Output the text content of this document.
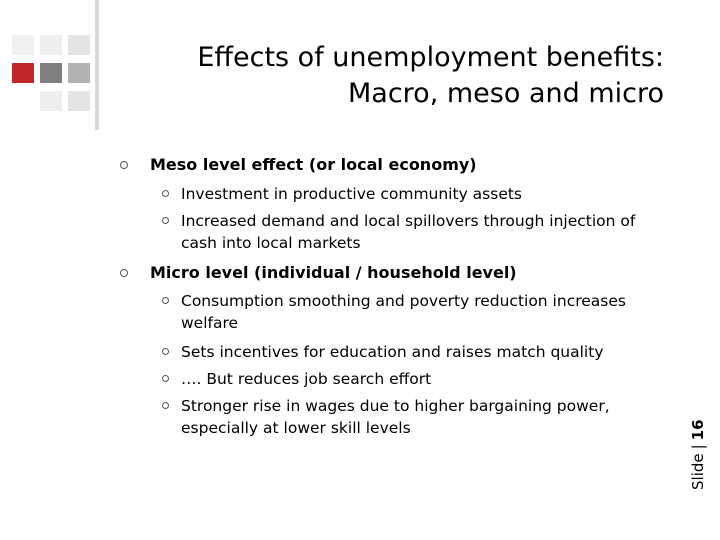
Effects of unemployment benefits:
Macro, meso and micro
Meso level effect (or local economy)
Investment in productive community assets
Increased demand and local spillovers through injection of cash into local markets
Micro level (individual / household level)
Consumption smoothing and poverty reduction increases welfare
Sets incentives for education and raises match quality
…. But reduces job search effort
Stronger rise in wages due to higher bargaining power, especially at lower skill levels
Slide|16
